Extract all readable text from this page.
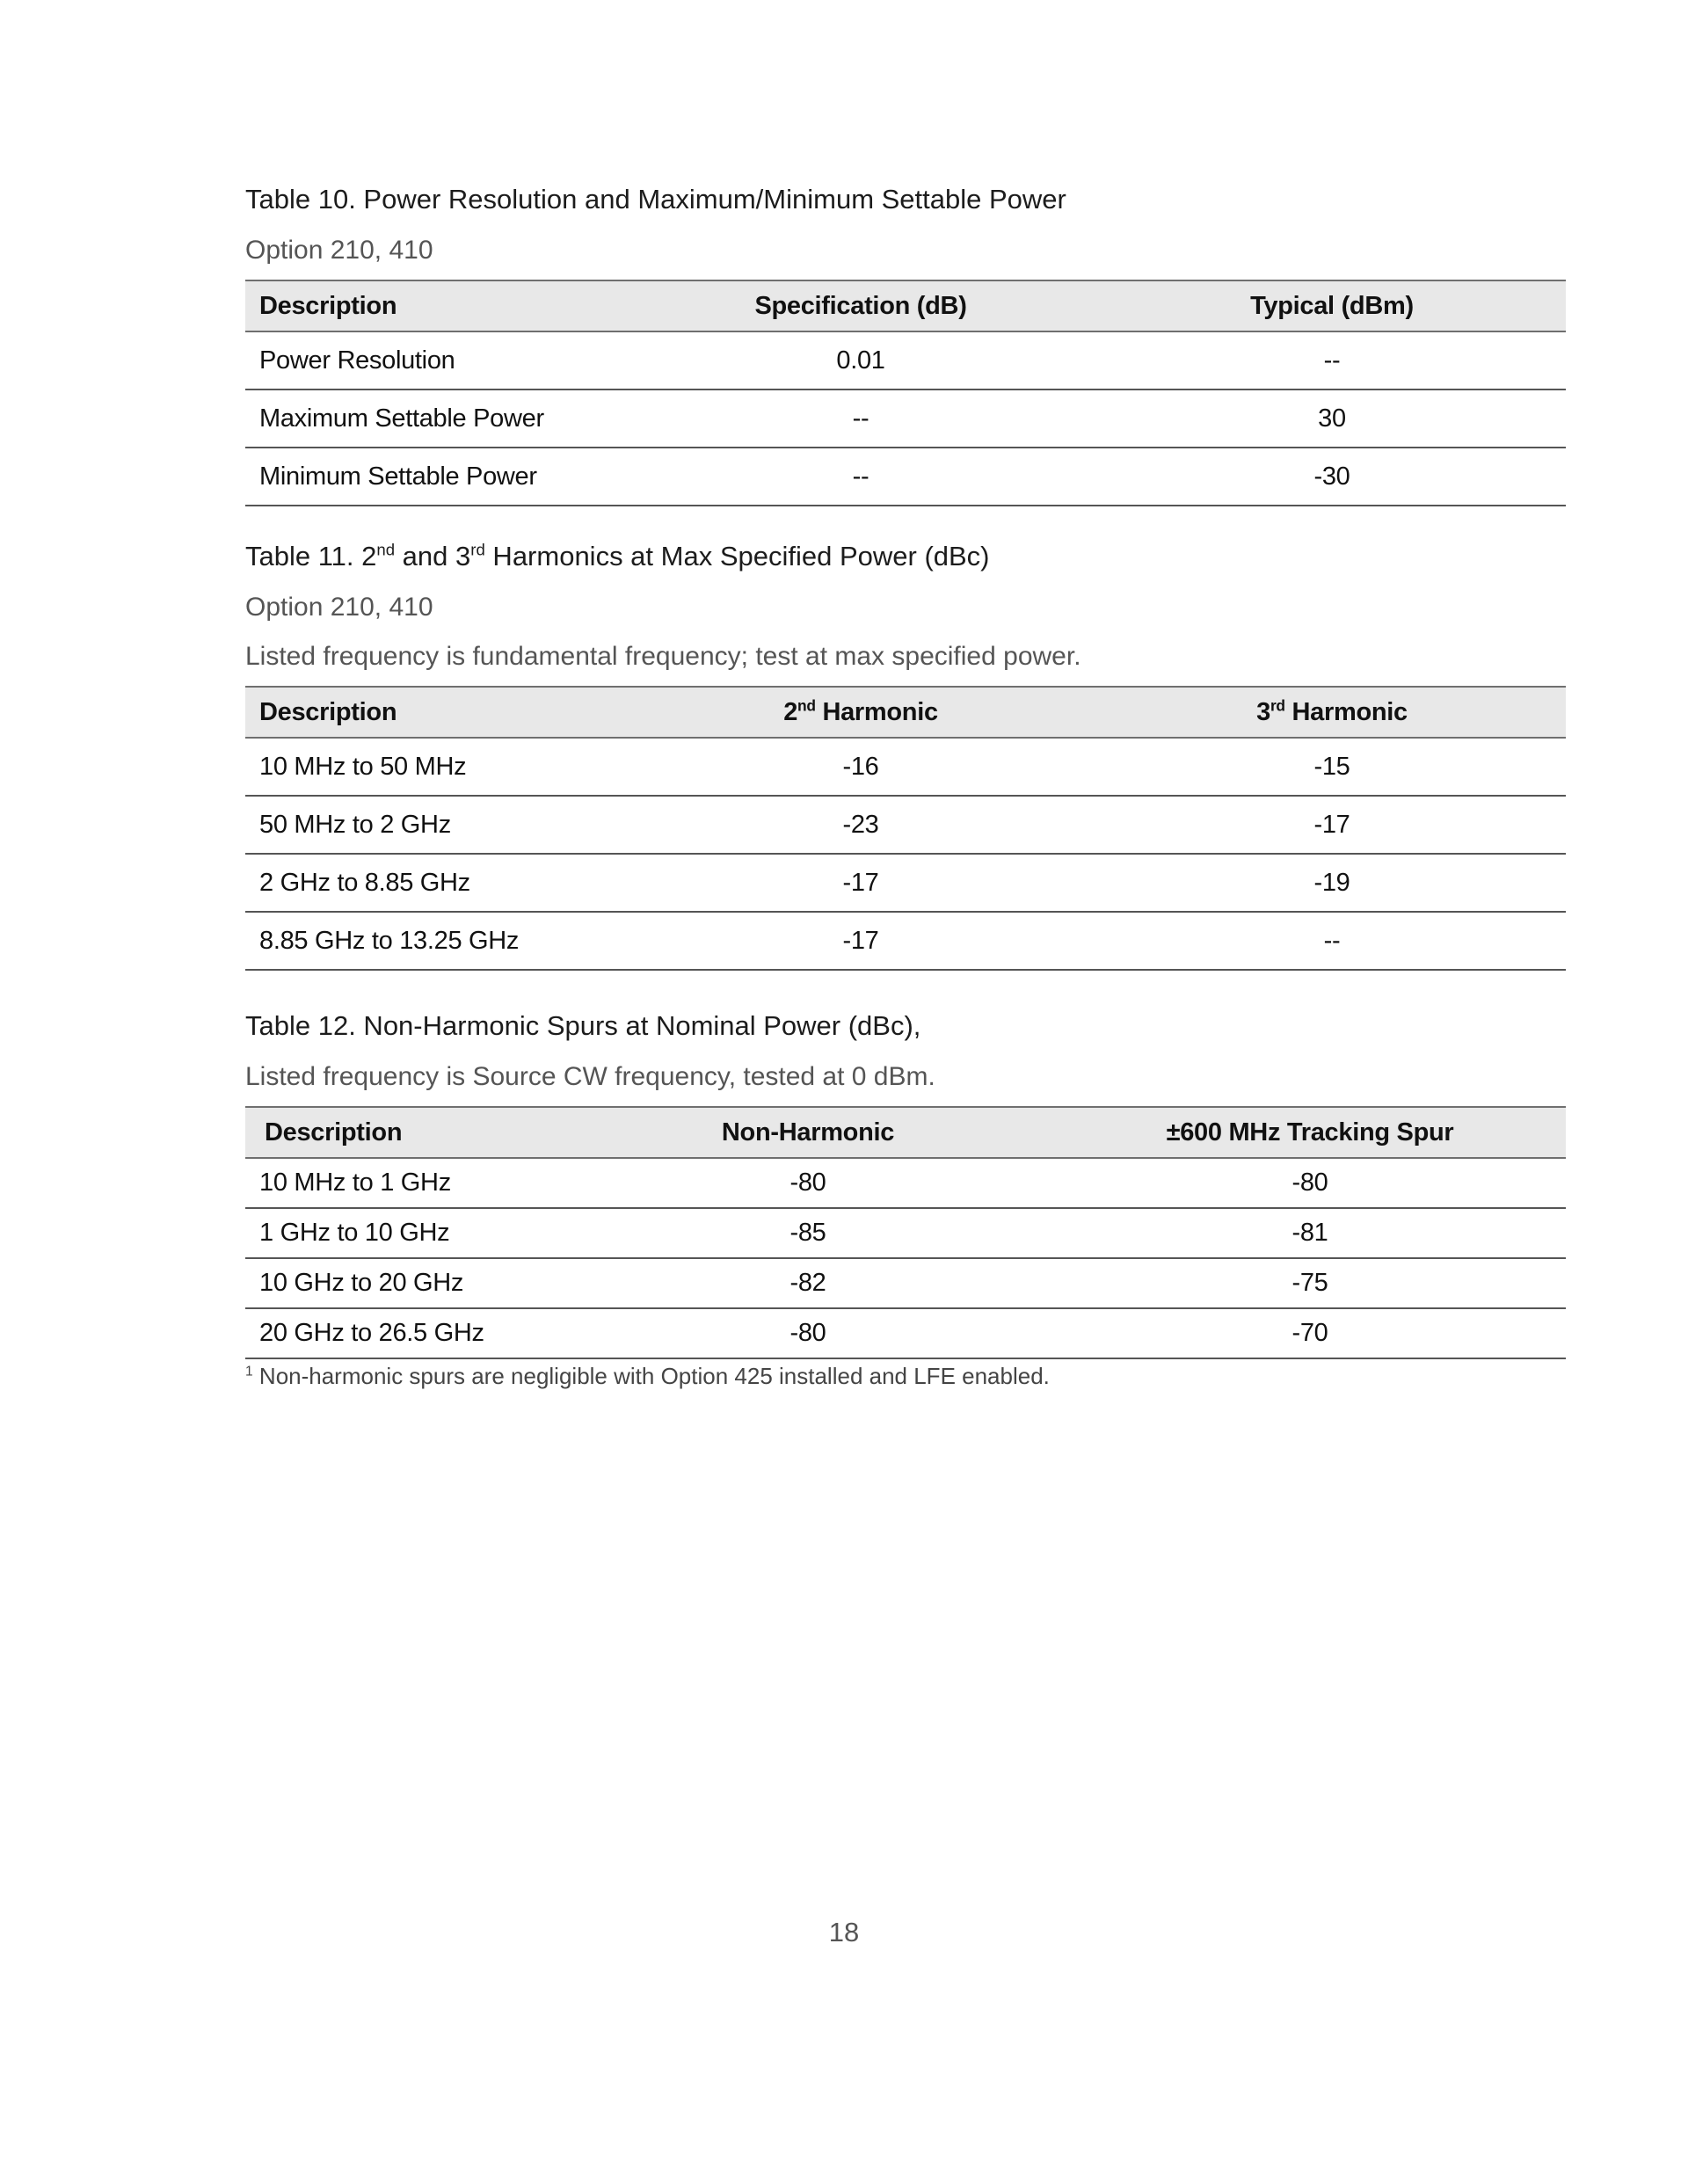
Table 10. Power Resolution and Maximum/Minimum Settable Power

Option 210, 410

Description	Specification (dB)	Typical (dBm)
Power Resolution	0.01	--
Maximum Settable Power	--	30
Minimum Settable Power	--	-30

Table 11. 2nd and 3rd Harmonics at Max Specified Power (dBc)

Option 210, 410

Listed frequency is fundamental frequency; test at max specified power.

Description	2nd Harmonic	3rd Harmonic
10 MHz to 50 MHz	-16	-15
50 MHz to 2 GHz	-23	-17
2 GHz to 8.85 GHz	-17	-19
8.85 GHz to 13.25 GHz	-17	--

Table 12. Non-Harmonic Spurs at Nominal Power (dBc),

Listed frequency is Source CW frequency, tested at 0 dBm.

Description	Non-Harmonic	±600 MHz Tracking Spur
10 MHz to 1 GHz	-80	-80
1 GHz to 10 GHz	-85	-81
10 GHz to 20 GHz	-82	-75
20 GHz to 26.5 GHz	-80	-70

$^1$ Non-harmonic spurs are negligible with Option 425 installed and LFE enabled.

18
